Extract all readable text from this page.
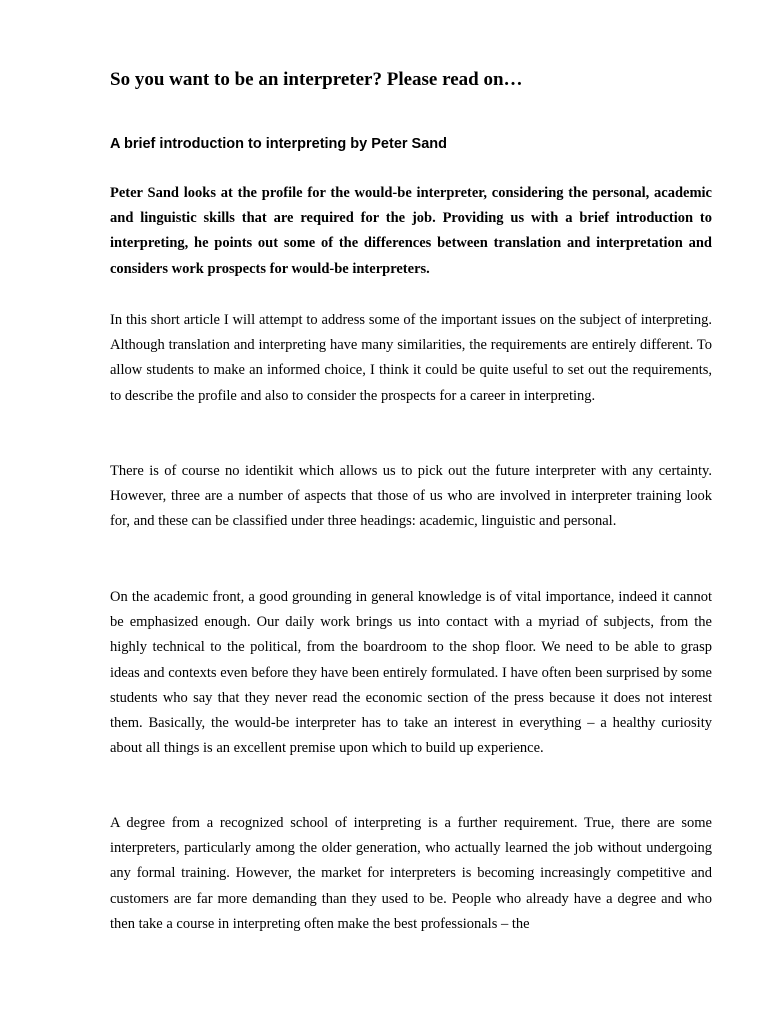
So you want to be an interpreter? Please read on…
A brief introduction to interpreting by Peter Sand

Peter Sand looks at the profile for the would-be interpreter, considering the personal, academic and linguistic skills that are required for the job. Providing us with a brief introduction to interpreting, he points out some of the differences between translation and interpretation and considers work prospects for would-be interpreters.

In this short article I will attempt to address some of the important issues on the subject of interpreting. Although translation and interpreting have many similarities, the requirements are entirely different. To allow students to make an informed choice, I think it could be quite useful to set out the requirements, to describe the profile and also to consider the prospects for a career in interpreting.

There is of course no identikit which allows us to pick out the future interpreter with any certainty. However, three are a number of aspects that those of us who are involved in interpreter training look for, and these can be classified under three headings: academic, linguistic and personal.

On the academic front, a good grounding in general knowledge is of vital importance, indeed it cannot be emphasized enough. Our daily work brings us into contact with a myriad of subjects, from the highly technical to the political, from the boardroom to the shop floor. We need to be able to grasp ideas and contexts even before they have been entirely formulated. I have often been surprised by some students who say that they never read the economic section of the press because it does not interest them. Basically, the would-be interpreter has to take an interest in everything – a healthy curiosity about all things is an excellent premise upon which to build up experience.

A degree from a recognized school of interpreting is a further requirement. True, there are some interpreters, particularly among the older generation, who actually learned the job without undergoing any formal training. However, the market for interpreters is becoming increasingly competitive and customers are far more demanding than they used to be. People who already have a degree and who then take a course in interpreting often make the best professionals – the
